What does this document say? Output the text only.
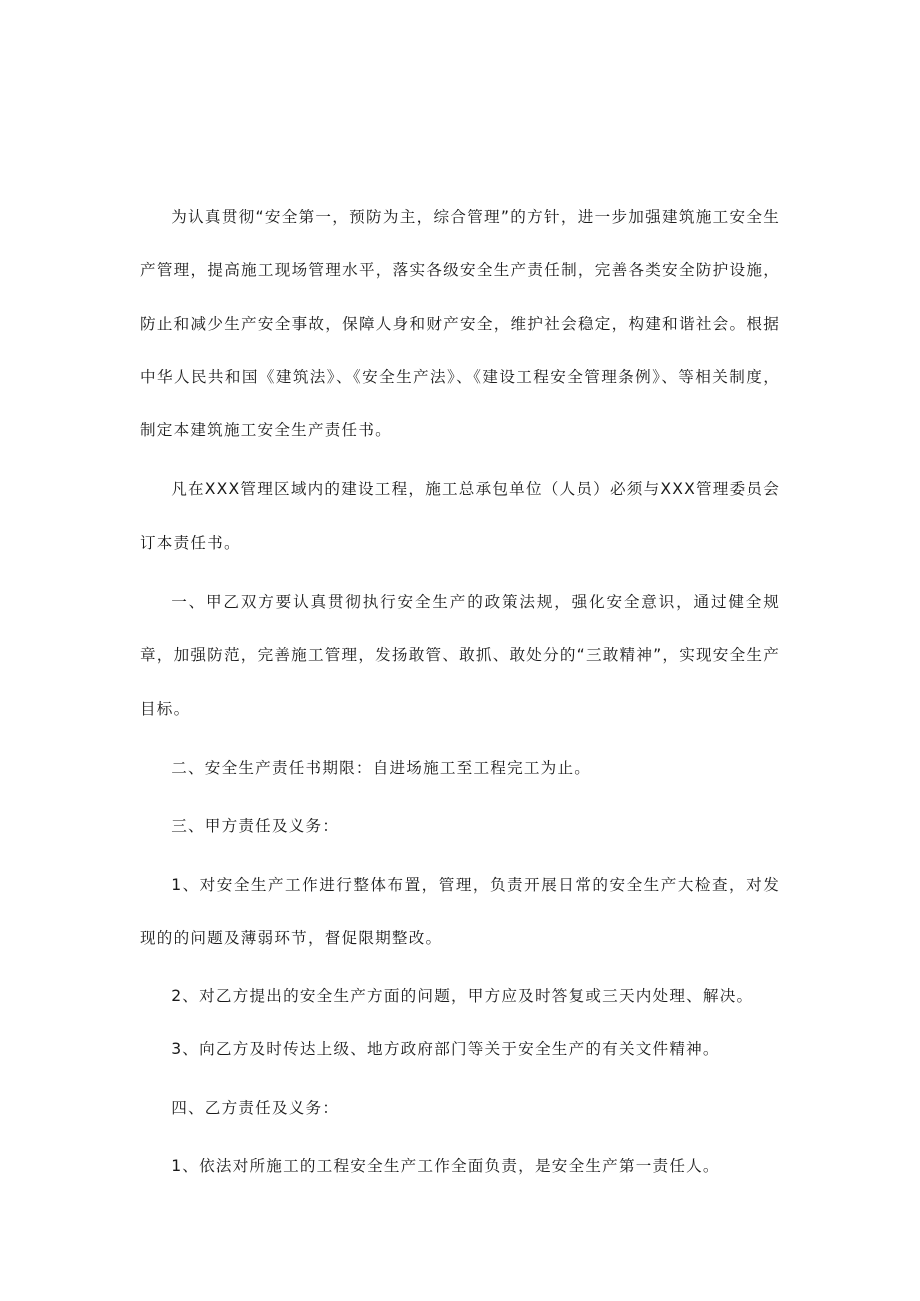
为认真贯彻“安全第一，预防为主，综合管理”的方针，进一步加强建筑施工安全生产管理，提高施工现场管理水平，落实各级安全生产责任制，完善各类安全防护设施，防止和减少生产安全事故，保障人身和财产安全，维护社会稳定，构建和谐社会。根据中华人民共和国《建筑法》、《安全生产法》、《建设工程安全管理条例》、等相关制度，制定本建筑施工安全生产责任书。

凡在XXX管理区域内的建设工程，施工总承包单位（人员）必须与XXX管理委员会订本责任书。

一、甲乙双方要认真贯彻执行安全生产的政策法规，强化安全意识，通过健全规章，加强防范，完善施工管理，发扬敢管、敢抓、敢处分的“三敢精神”，实现安全生产目标。

二、安全生产责任书期限：自进场施工至工程完工为止。

三、甲方责任及义务：

1、对安全生产工作进行整体布置，管理，负责开展日常的安全生产大检查，对发现的的问题及薄弱环节，督促限期整改。

2、对乙方提出的安全生产方面的问题，甲方应及时答复或三天内处理、解决。

3、向乙方及时传达上级、地方政府部门等关于安全生产的有关文件精神。

四、乙方责任及义务：

1、依法对所施工的工程安全生产工作全面负责，是安全生产第一责任人。
